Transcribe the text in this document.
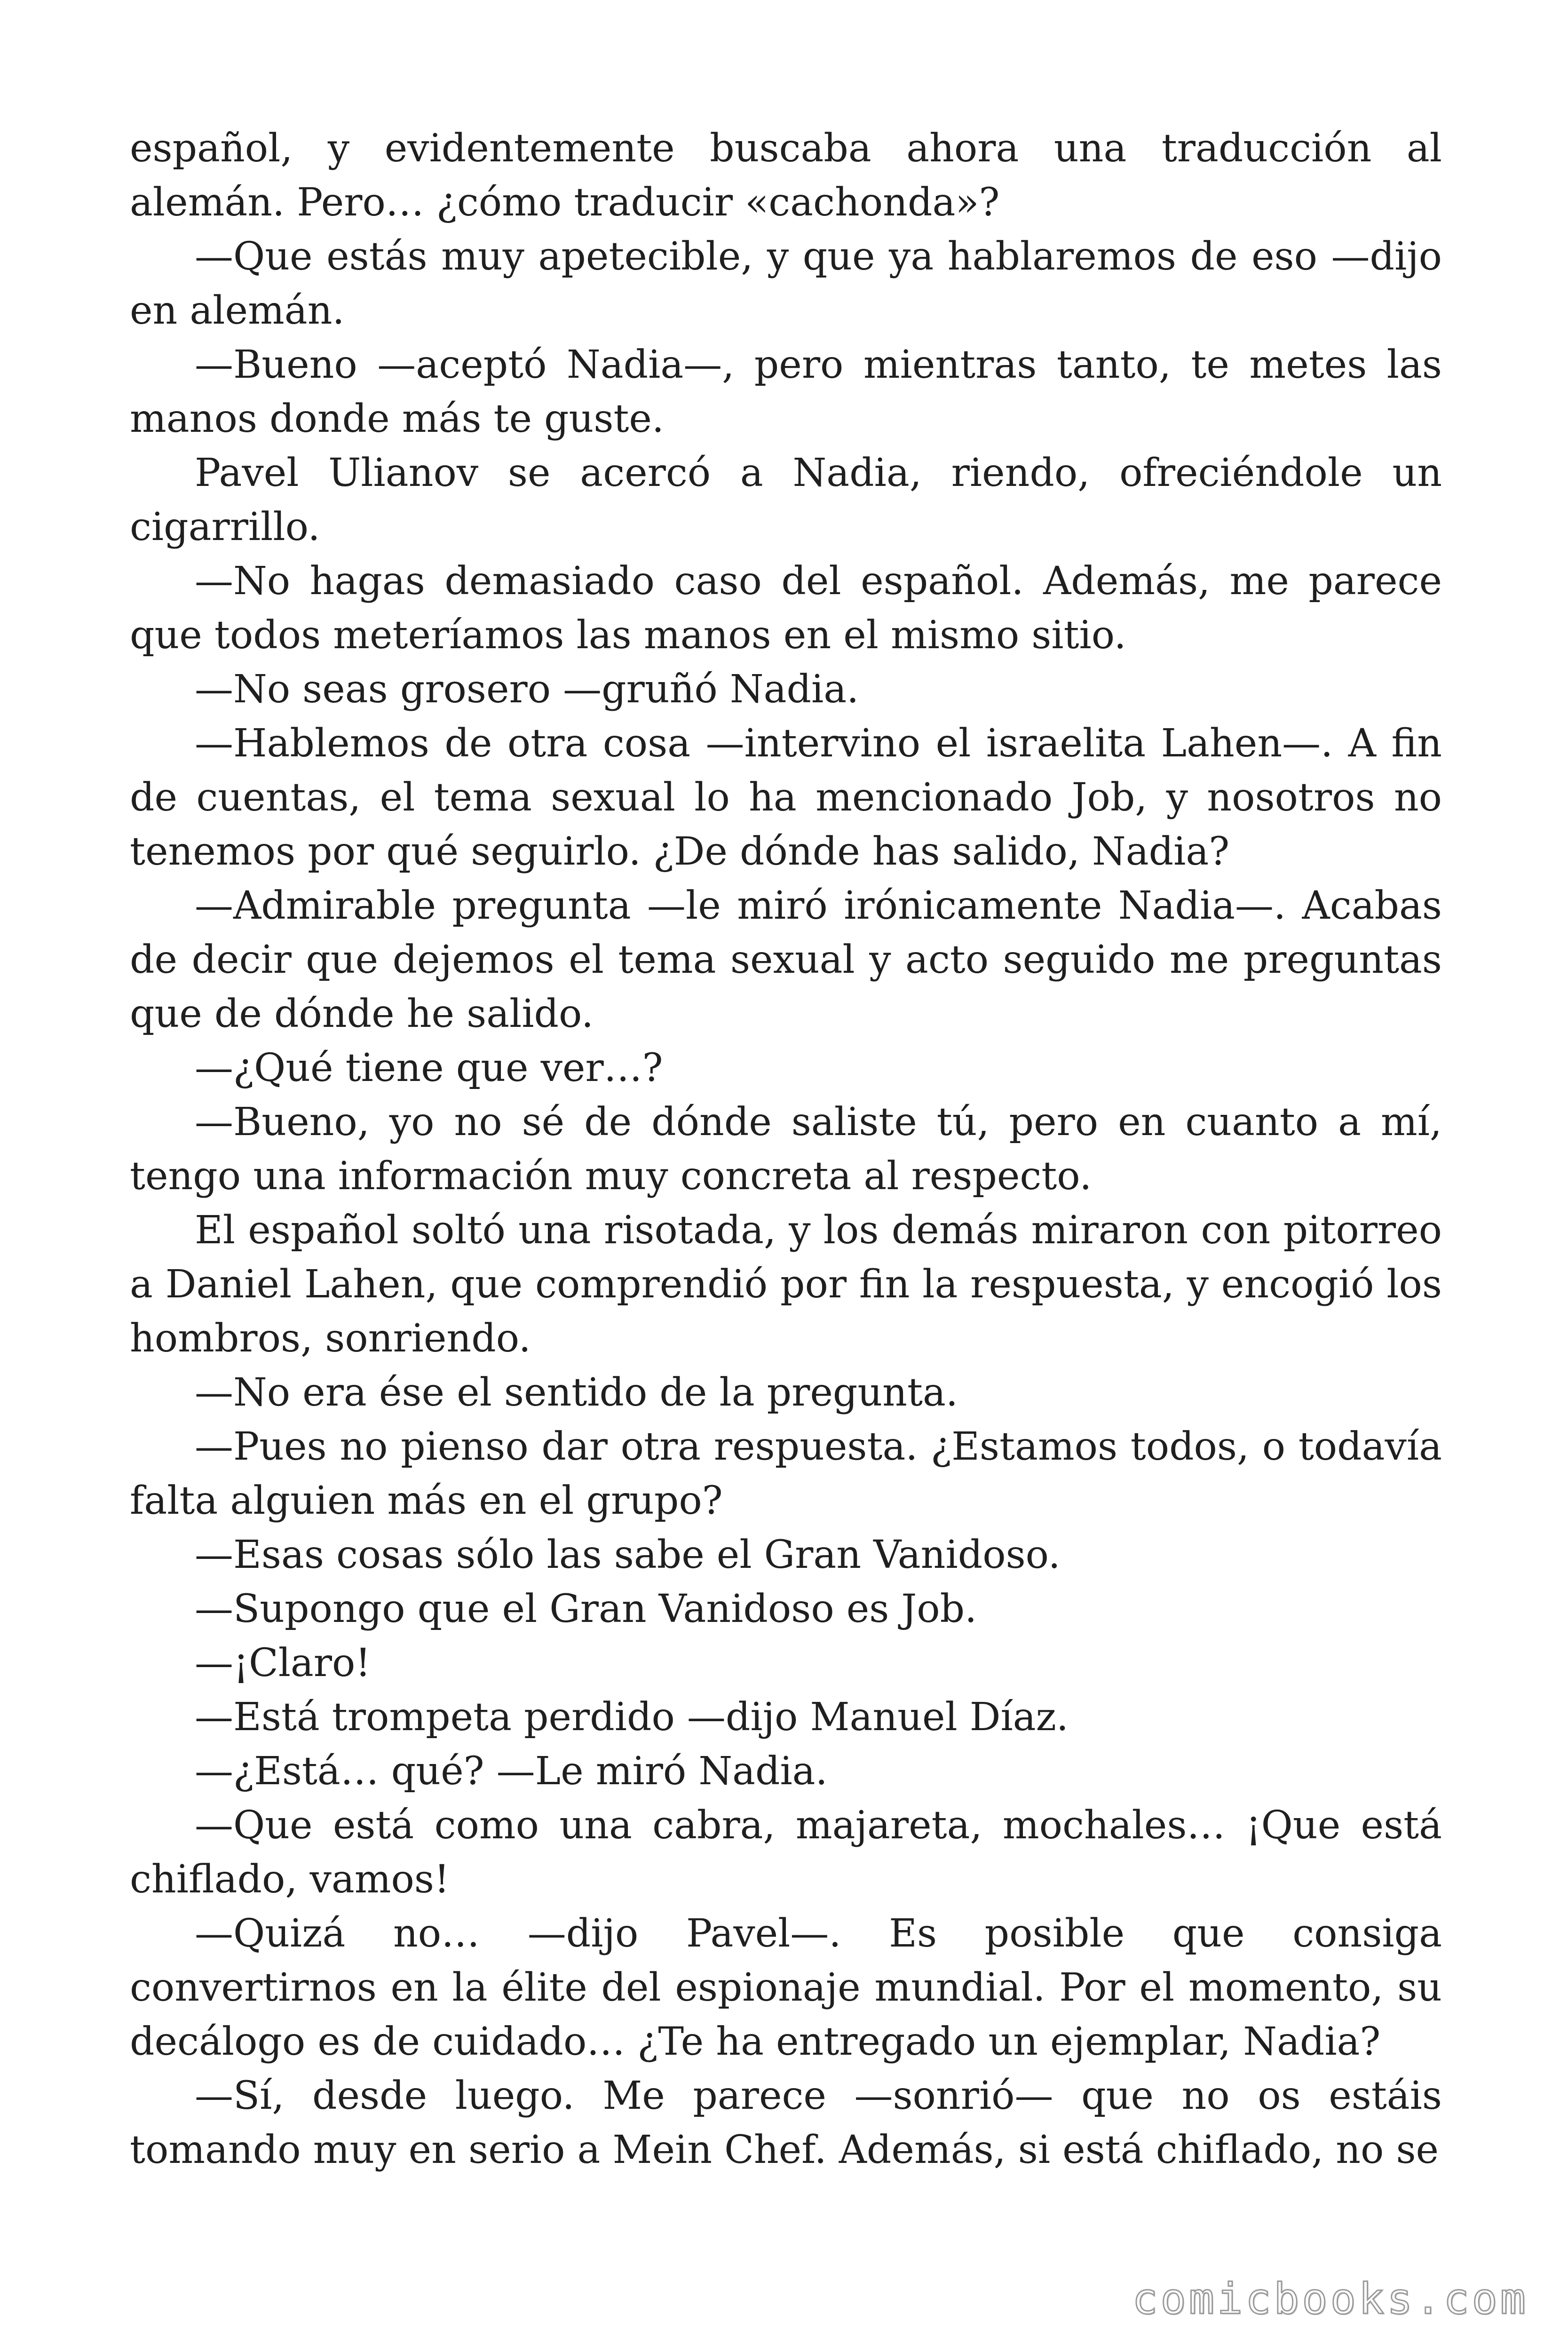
español, y evidentemente buscaba ahora una traducción al alemán. Pero… ¿cómo traducir «cachonda»?

—Que estás muy apetecible, y que ya hablaremos de eso —dijo en alemán.

—Bueno —aceptó Nadia—, pero mientras tanto, te metes las manos donde más te guste.

Pavel Ulianov se acercó a Nadia, riendo, ofreciéndole un cigarrillo.

—No hagas demasiado caso del español. Además, me parece que todos meteríamos las manos en el mismo sitio.

—No seas grosero —gruñó Nadia.

—Hablemos de otra cosa —intervino el israelita Lahen—. A fin de cuentas, el tema sexual lo ha mencionado Job, y nosotros no tenemos por qué seguirlo. ¿De dónde has salido, Nadia?

—Admirable pregunta —le miró irónicamente Nadia—. Acabas de decir que dejemos el tema sexual y acto seguido me preguntas que de dónde he salido.

—¿Qué tiene que ver…?

—Bueno, yo no sé de dónde saliste tú, pero en cuanto a mí, tengo una información muy concreta al respecto.

El español soltó una risotada, y los demás miraron con pitorreo a Daniel Lahen, que comprendió por fin la respuesta, y encogió los hombros, sonriendo.

—No era ése el sentido de la pregunta.

—Pues no pienso dar otra respuesta. ¿Estamos todos, o todavía falta alguien más en el grupo?

—Esas cosas sólo las sabe el Gran Vanidoso.

—Supongo que el Gran Vanidoso es Job.

—¡Claro!

—Está trompeta perdido —dijo Manuel Díaz.

—¿Está… qué? —Le miró Nadia.

—Que está como una cabra, majareta, mochales… ¡Que está chiflado, vamos!

—Quizá no… —dijo Pavel—. Es posible que consiga convertirnos en la élite del espionaje mundial. Por el momento, su decálogo es de cuidado… ¿Te ha entregado un ejemplar, Nadia?

—Sí, desde luego. Me parece —sonrió— que no os estáis tomando muy en serio a Mein Chef. Además, si está chiflado, no se

comicbooks.com
